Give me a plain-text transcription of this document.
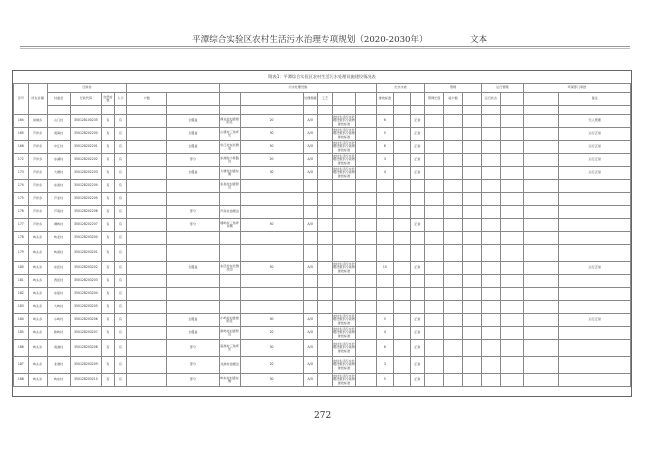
平潭综合实验区农村生活污水治理专项规划（2020-2030年）	文本
附表1：平潭综合实验区农村生活污水处理设施建设情况表
序号	所在乡镇	行政村						污水处理设施						出水水质			管网			运行管理		环保部门审批	
		村委会	行政代码	自然村数	人口	户数				处理规模	工艺			排放标准			管网长度	接户数		运行状态			备注

164	岚城乡	山门村	350128100235	有	有		全覆盖	渔业村村委楼附近	20	A/O		农村生活污水处理设施水污染物排放标准		6		正常							无人管理
165	芦洋乡	南海村	350128202200	有	有		全覆盖	山塘村三角坪处	30	A/O		农村生活污水处理设施水污染物排放标准		5		正常							运行正常
166	芦洋乡	中江村	350128202201	有	有		全覆盖	中江村东北侧池	50	A/O		农村生活污水处理设施水污染物排放标准		8		正常							运行正常
172	芦洋乡	东湖村	350128202202	有	有		部分	东湖村小桥路边	20	A/O		农村生活污水处理设施水污染物排放标准		3		正常							运行正常
173	芦洋乡	大塘村	350128202203	有	有		全覆盖	大塘村村委东侧	30	A/O		农村生活污水处理设施水污染物排放标准		4		正常							运行正常
174	芦洋乡	东美村	350128202204	有	有			东美村村委附近															
175	芦洋乡	芦北村	350128202205	有	有																		
176	芦洋乡	芦南村	350128202206	有	有		部分	芦南村池塘边															
177	芦洋乡	塘屿村	350128202207	有	有		部分	塘屿村三角坪东侧	50	A/O						正常							
178	屿头乡	屿北村	350128203200	有	有																		
179	屿头乡	屿南村	350128203201	有	有																		
180	屿头乡	东沃村	350128203202	有	有		全覆盖	东沃村东北侧池边	50	A/O		农村生活污水处理设施水污染物排放标准		10		正常							运行正常
181	屿头乡	西沃村	350128203203	有	有																		
182	屿头乡	东星村	350128203204	有	有																		
183	屿头乡	大屿村	350128203205	有	有																		
184	屿头乡	小屿村	350128203206	有	有		全覆盖	小屿村村委楼附近	30	A/O		农村生活污水处理设施水污染物排放标准		5		正常							运行正常
185	屿头乡	新屿村	350128203207	有	有		全覆盖	新屿村村委附近	20	A/O		农村生活污水处理设施水污染物排放标准		4		正常							
186	屿头乡	南港村	350128203208	有	有		部分	南港村三角坪处	30	A/O		农村生活污水处理设施水污染物排放标准		6		正常							
187	屿头乡	北港村	350128203209	有	有		部分	北港村池塘边	20	A/O		农村生活污水处理设施水污染物排放标准		3		正常							
188	屿头乡	屿东村	350128203210	有	有		部分	屿东村村委东侧	30	A/O		农村生活污水处理设施水污染物排放标准		5		正常							
272
